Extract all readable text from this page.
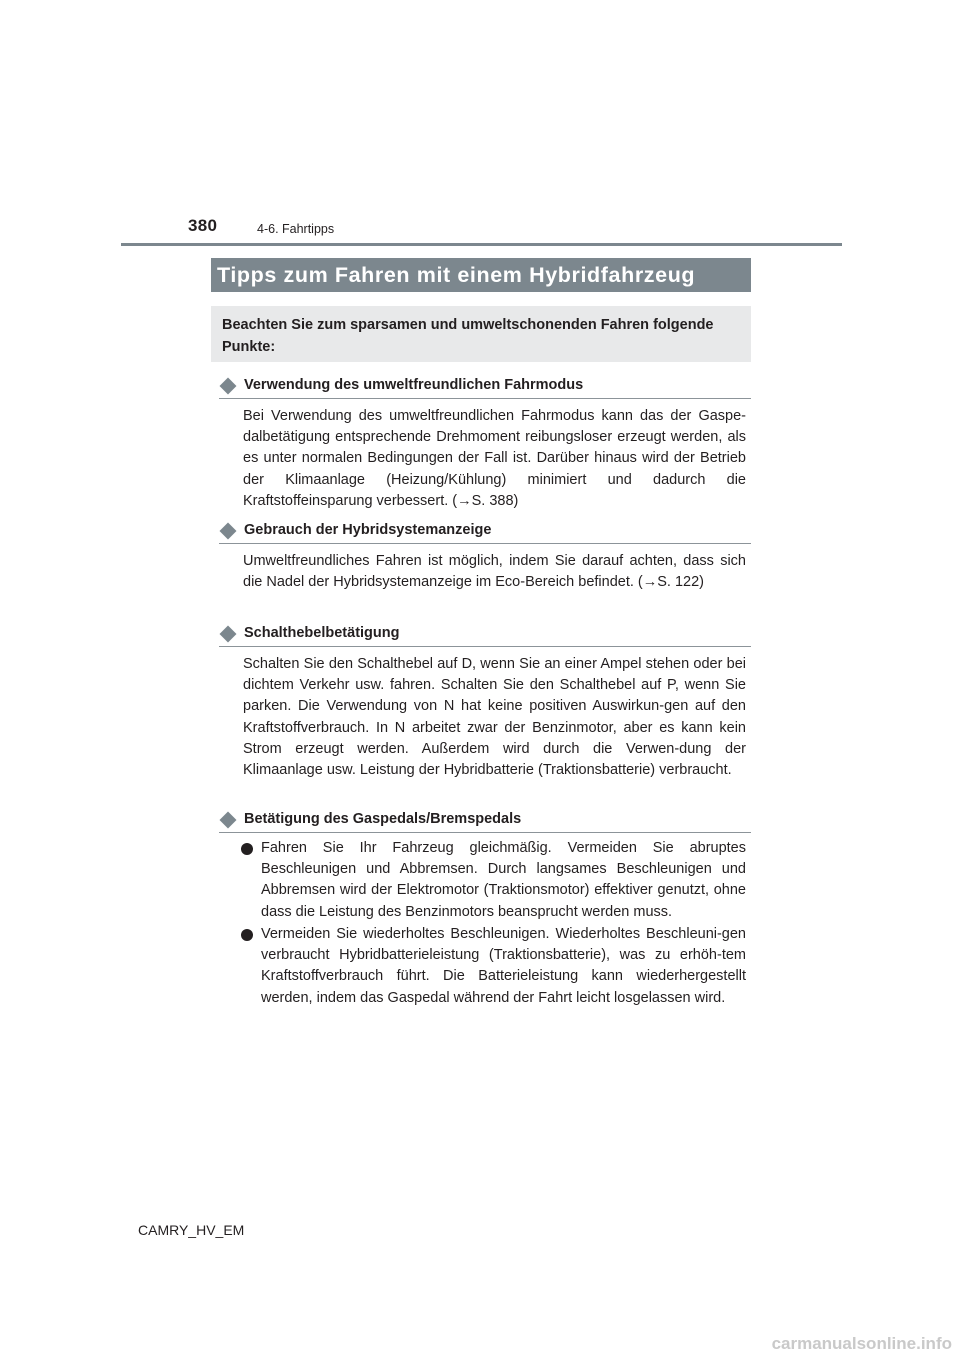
380	4-6. Fahrtipps
Tipps zum Fahren mit einem Hybridfahrzeug
Beachten Sie zum sparsamen und umweltschonenden Fahren folgende Punkte:
Verwendung des umweltfreundlichen Fahrmodus

Bei Verwendung des umweltfreundlichen Fahrmodus kann das der Gaspe-dalbetätigung entsprechende Drehmoment reibungsloser erzeugt werden, als es unter normalen Bedingungen der Fall ist. Darüber hinaus wird der Betrieb der Klimaanlage (Heizung/Kühlung) minimiert und dadurch die Kraftstoffeinsparung verbessert. (→S. 388)

Gebrauch der Hybridsystemanzeige

Umweltfreundliches Fahren ist möglich, indem Sie darauf achten, dass sich die Nadel der Hybridsystemanzeige im Eco-Bereich befindet. (→S. 122)

Schalthebelbetätigung

Schalten Sie den Schalthebel auf D, wenn Sie an einer Ampel stehen oder bei dichtem Verkehr usw. fahren. Schalten Sie den Schalthebel auf P, wenn Sie parken. Die Verwendung von N hat keine positiven Auswirkun-gen auf den Kraftstoffverbrauch. In N arbeitet zwar der Benzinmotor, aber es kann kein Strom erzeugt werden. Außerdem wird durch die Verwen-dung der Klimaanlage usw. Leistung der Hybridbatterie (Traktionsbatterie) verbraucht.

Betätigung des Gaspedals/Bremspedals

Fahren Sie Ihr Fahrzeug gleichmäßig. Vermeiden Sie abruptes Beschleunigen und Abbremsen. Durch langsames Beschleunigen und Abbremsen wird der Elektromotor (Traktionsmotor) effektiver genutzt, ohne dass die Leistung des Benzinmotors beansprucht werden muss.

Vermeiden Sie wiederholtes Beschleunigen. Wiederholtes Beschleuni-gen verbraucht Hybridbatterieleistung (Traktionsbatterie), was zu erhöh-tem Kraftstoffverbrauch führt. Die Batterieleistung kann wiederhergestellt werden, indem das Gaspedal während der Fahrt leicht losgelassen wird.

CAMRY_HV_EM
carmanualsonline.info
